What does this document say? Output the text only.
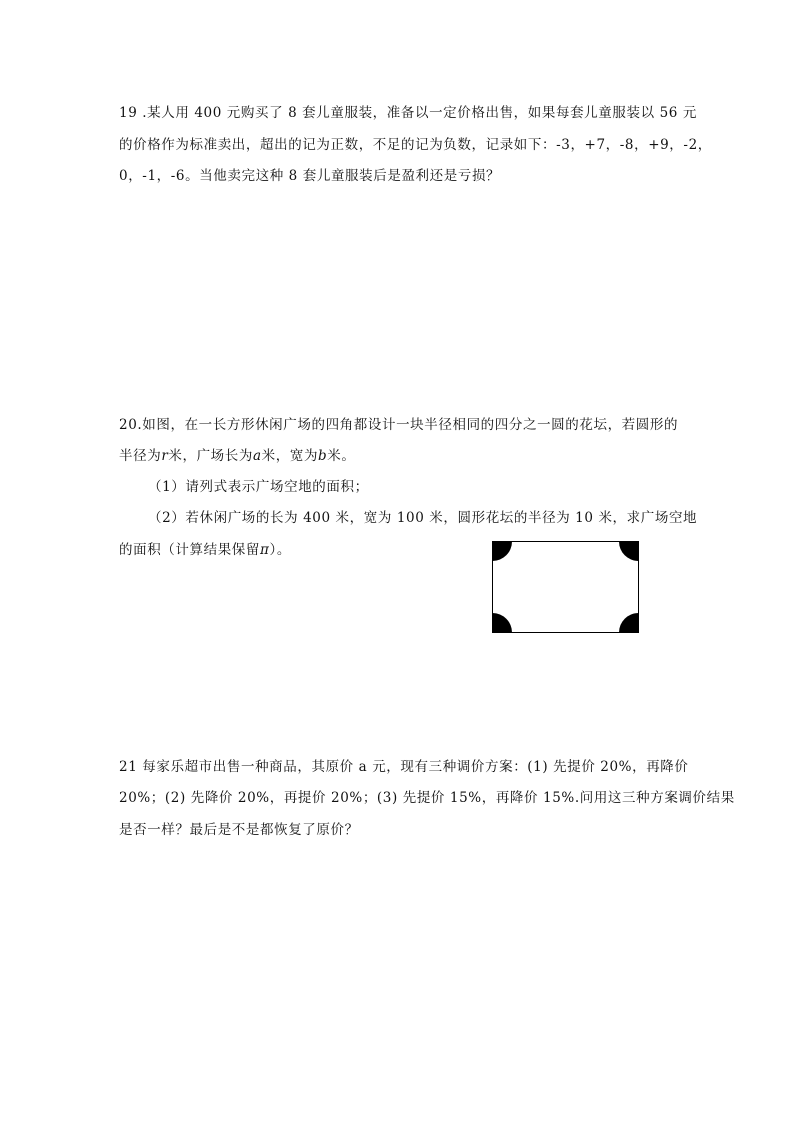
19 .某人用 400 元购买了 8 套儿童服装，准备以一定价格出售，如果每套儿童服装以 56 元
的价格作为标准卖出，超出的记为正数，不足的记为负数，记录如下：-3，+7，-8，+9，-2，
0，-1，-6。当他卖完这种 8 套儿童服装后是盈利还是亏损？
20.如图，在一长方形休闲广场的四角都设计一块半径相同的四分之一圆的花坛，若圆形的
半径为r米，广场长为a米，宽为b米。
（1）请列式表示广场空地的面积；
（2）若休闲广场的长为 400 米，宽为 100 米，圆形花坛的半径为 10 米，求广场空地
的面积（计算结果保留π）。
21 每家乐超市出售一种商品，其原价 a 元，现有三种调价方案：(1) 先提价 20%，再降价
20%；(2) 先降价 20%，再提价 20%；(3) 先提价 15%，再降价 15%.问用这三种方案调价结果
是否一样？最后是不是都恢复了原价？
